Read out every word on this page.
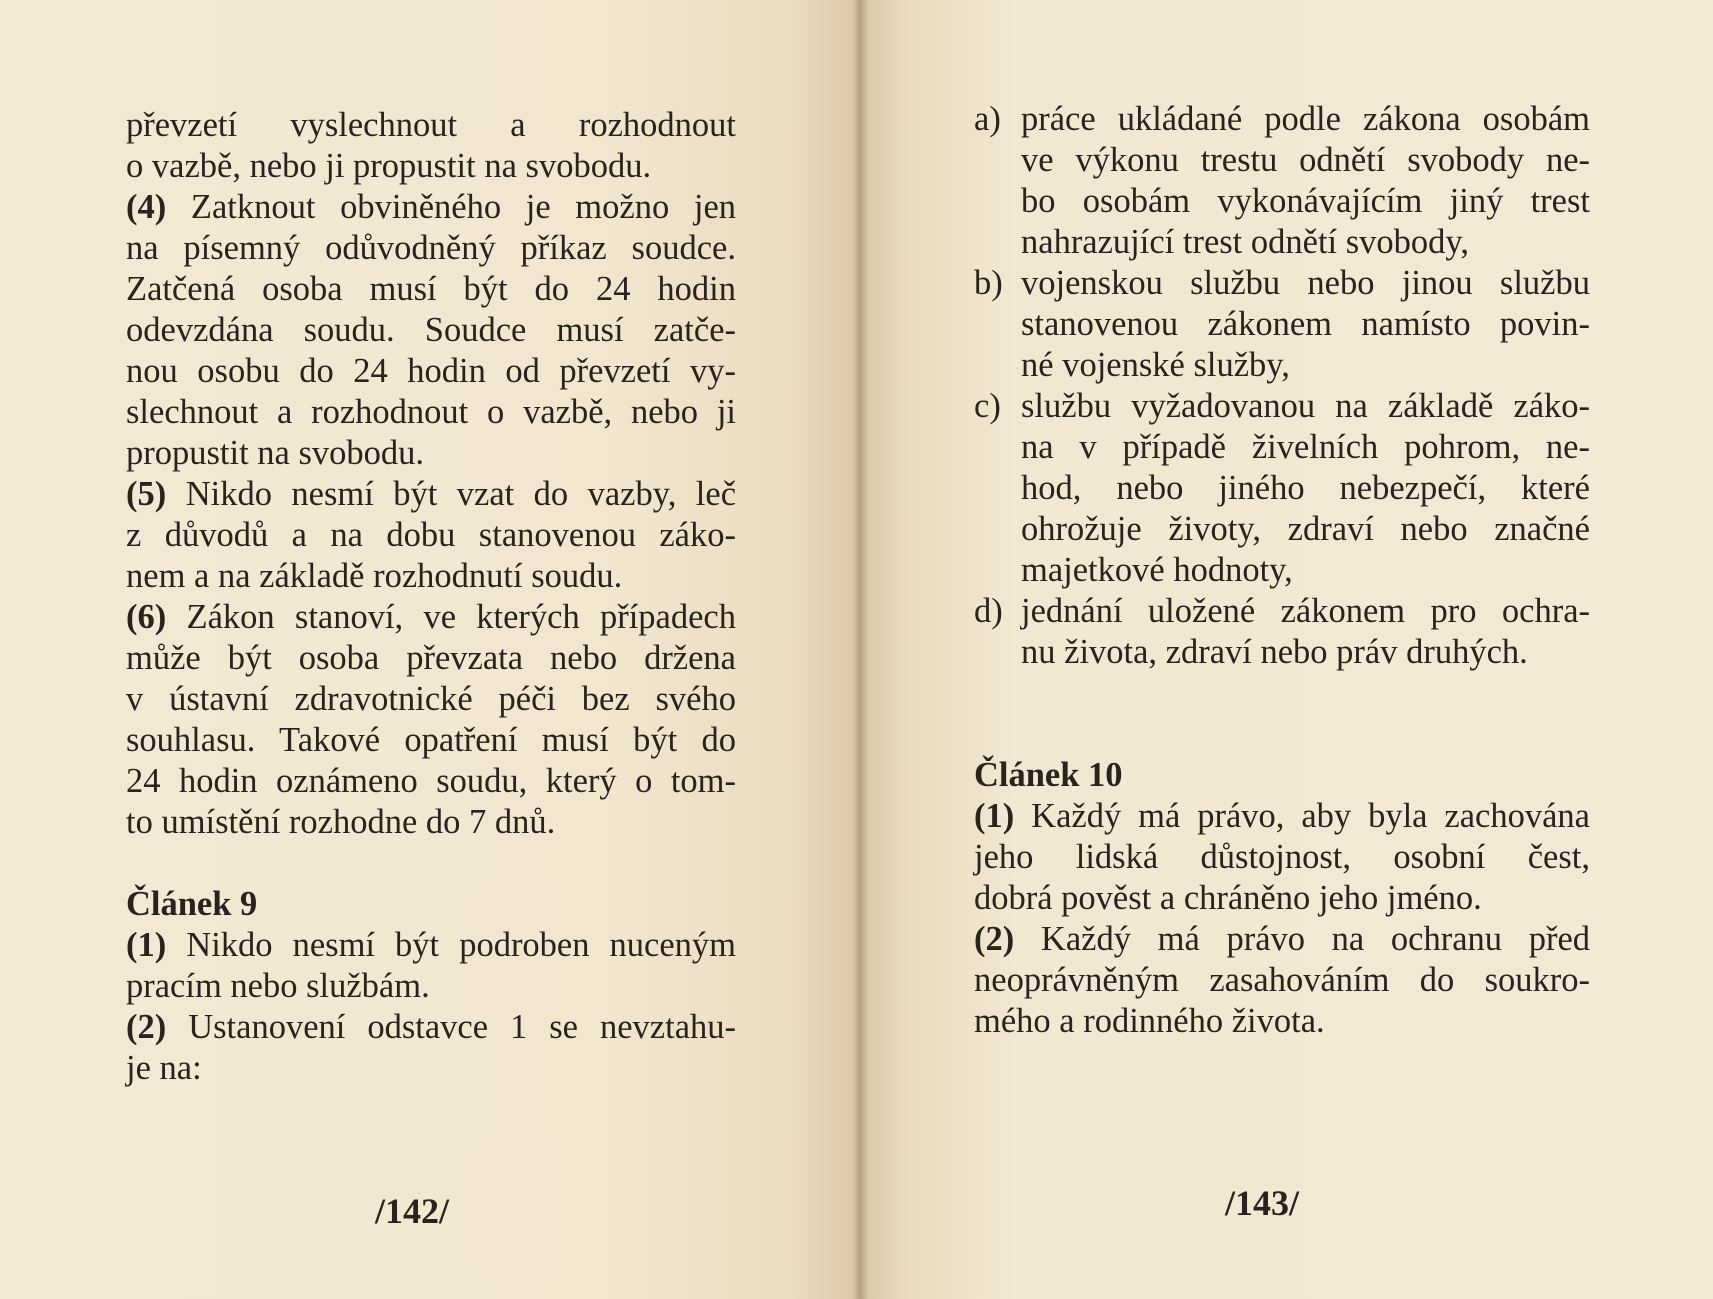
převzetí vyslechnout a rozhodnout
o vazbě, nebo ji propustit na svobodu.
(4) Zatknout obviněného je možno jen
na písemný odůvodněný příkaz soudce.
Zatčená osoba musí být do 24 hodin
odevzdána soudu. Soudce musí zatče-
nou osobu do 24 hodin od převzetí vy-
slechnout a rozhodnout o vazbě, nebo ji
propustit na svobodu.
(5) Nikdo nesmí být vzat do vazby, leč
z důvodů a na dobu stanovenou záko-
nem a na základě rozhodnutí soudu.
(6) Zákon stanoví, ve kterých případech
může být osoba převzata nebo držena
v ústavní zdravotnické péči bez svého
souhlasu. Takové opatření musí být do
24 hodin oznámeno soudu, který o tom-
to umístění rozhodne do 7 dnů.
Článek 9
(1) Nikdo nesmí být podroben nuceným
pracím nebo službám.
(2) Ustanovení odstavce 1 se nevztahu-
je na:
/142/
a) práce ukládané podle zákona osobám
ve výkonu trestu odnětí svobody ne-
bo osobám vykonávajícím jiný trest
nahrazující trest odnětí svobody,
b) vojenskou službu nebo jinou službu
stanovenou zákonem namísto povin-
né vojenské služby,
c) službu vyžadovanou na základě záko-
na v případě živelních pohrom, ne-
hod, nebo jiného nebezpečí, které
ohrožuje životy, zdraví nebo značné
majetkové hodnoty,
d) jednání uložené zákonem pro ochra-
nu života, zdraví nebo práv druhých.
Článek 10
(1) Každý má právo, aby byla zachována
jeho lidská důstojnost, osobní čest,
dobrá pověst a chráněno jeho jméno.
(2) Každý má právo na ochranu před
neoprávněným zasahováním do soukro-
mého a rodinného života.
/143/
